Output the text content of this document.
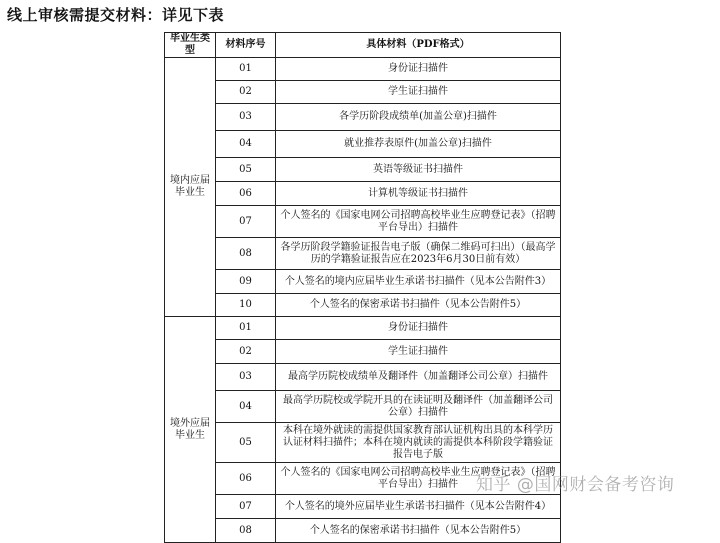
线上审核需提交材料：详见下表
毕业生类型	材料序号	具体材料（PDF格式）
境内应届毕业生	01	身份证扫描件
	02	学生证扫描件
	03	各学历阶段成绩单(加盖公章)扫描件
	04	就业推荐表原件(加盖公章)扫描件
	05	英语等级证书扫描件
	06	计算机等级证书扫描件
	07	个人签名的《国家电网公司招聘高校毕业生应聘登记表》（招聘平台导出）扫描件
	08	各学历阶段学籍验证报告电子版（确保二维码可扫出）（最高学历的学籍验证报告应在2023年6月30日前有效）
	09	个人签名的境内应届毕业生承诺书扫描件（见本公告附件3）
	10	个人签名的保密承诺书扫描件（见本公告附件5）
境外应届毕业生	01	身份证扫描件
	02	学生证扫描件
	03	最高学历院校成绩单及翻译件（加盖翻译公司公章）扫描件
	04	最高学历院校或学院开具的在读证明及翻译件（加盖翻译公司公章）扫描件
	05	本科在境外就读的需提供国家教育部认证机构出具的本科学历认证材料扫描件；本科在境内就读的需提供本科阶段学籍验证报告电子版
	06	个人签名的《国家电网公司招聘高校毕业生应聘登记表》（招聘平台导出）扫描件
	07	个人签名的境外应届毕业生承诺书扫描件（见本公告附件4）
	08	个人签名的保密承诺书扫描件（见本公告附件5）
知乎 @国网财会备考咨询
